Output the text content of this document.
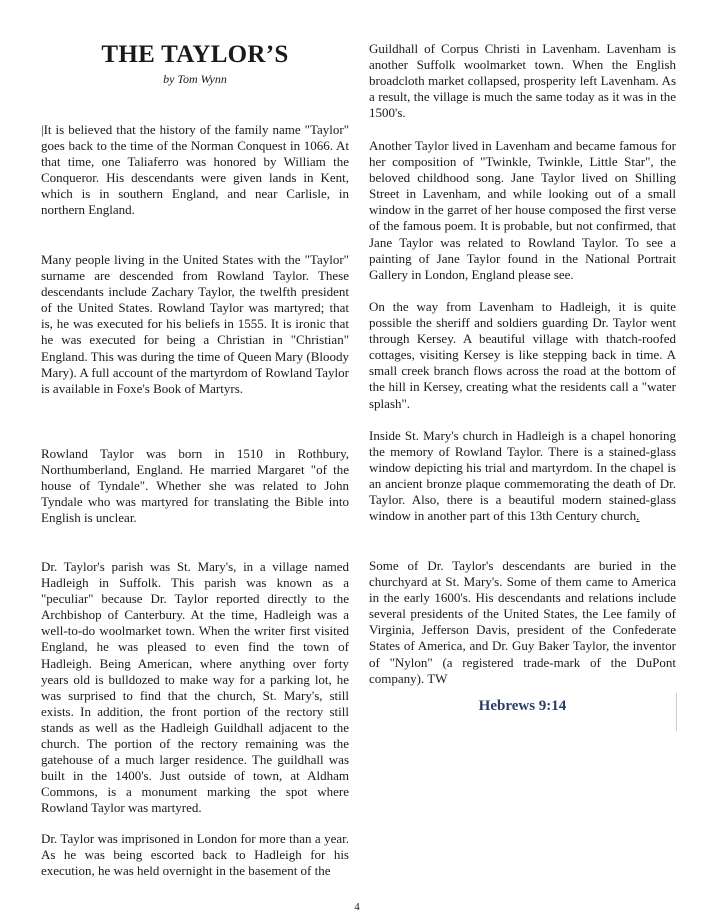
THE TAYLOR’S

by Tom Wynn

|It is believed that the history of the family name "Taylor" goes back to the time of the Norman Conquest in 1066. At that time, one Taliaferro was honored by William the Conqueror. His descendants were given lands in Kent, which is in southern England, and near Carlisle, in northern England.

Many people living in the United States with the "Taylor" surname are descended from Rowland Taylor. These descendants include Zachary Taylor, the twelfth president of the United States. Rowland Taylor was martyred; that is, he was executed for his beliefs in 1555. It is ironic that he was executed for being a Christian in "Christian" England. This was during the time of Queen Mary (Bloody Mary). A full account of the martyrdom of Rowland Taylor is available in Foxe's Book of Martyrs.

Rowland Taylor was born in 1510 in Rothbury, Northumberland, England. He married Margaret "of the house of Tyndale". Whether she was related to John Tyndale who was martyred for translating the Bible into English is unclear.

Dr. Taylor's parish was St. Mary's, in a village named Hadleigh in Suffolk. This parish was known as a "peculiar" because Dr. Taylor reported directly to the Archbishop of Canterbury. At the time, Hadleigh was a well-to-do woolmarket town. When the writer first visited England, he was pleased to even find the town of Hadleigh. Being American, where anything over forty years old is bulldozed to make way for a parking lot, he was surprised to find that the church, St. Mary's, still exists. In addition, the front portion of the rectory still stands as well as the Hadleigh Guildhall adjacent to the church. The portion of the rectory remaining was the gatehouse of a much larger residence. The guildhall was built in the 1400's. Just outside of town, at Aldham Commons, is a monument marking the spot where Rowland Taylor was martyred.

Dr. Taylor was imprisoned in London for more than a year. As he was being escorted back to Hadleigh for his execution, he was held overnight in the basement of the

Guildhall of Corpus Christi in Lavenham. Lavenham is another Suffolk woolmarket town. When the English broadcloth market collapsed, prosperity left Lavenham. As a result, the village is much the same today as it was in the 1500's.

Another Taylor lived in Lavenham and became famous for her composition of "Twinkle, Twinkle, Little Star", the beloved childhood song. Jane Taylor lived on Shilling Street in Lavenham, and while looking out of a small window in the garret of her house composed the first verse of the famous poem. It is probable, but not confirmed, that Jane Taylor was related to Rowland Taylor. To see a painting of Jane Taylor found in the National Portrait Gallery in London, England please see.

On the way from Lavenham to Hadleigh, it is quite possible the sheriff and soldiers guarding Dr. Taylor went through Kersey. A beautiful village with thatch-roofed cottages, visiting Kersey is like stepping back in time. A small creek branch flows across the road at the bottom of the hill in Kersey, creating what the residents call a "water splash".

Inside St. Mary's church in Hadleigh is a chapel honoring the memory of Rowland Taylor. There is a stained-glass window depicting his trial and martyrdom. In the chapel is an ancient bronze plaque commemorating the death of Dr. Taylor. Also, there is a beautiful modern stained-glass window in another part of this 13th Century church.

Some of Dr. Taylor's descendants are buried in the churchyard at St. Mary's. Some of them came to America in the early 1600's. His descendants and relations include several presidents of the United States, the Lee family of Virginia, Jefferson Davis, president of the Confederate States of America, and Dr. Guy Baker Taylor, the inventor of "Nylon" (a registered trade-mark of the DuPont company). TW

Hebrews 9:14

4
